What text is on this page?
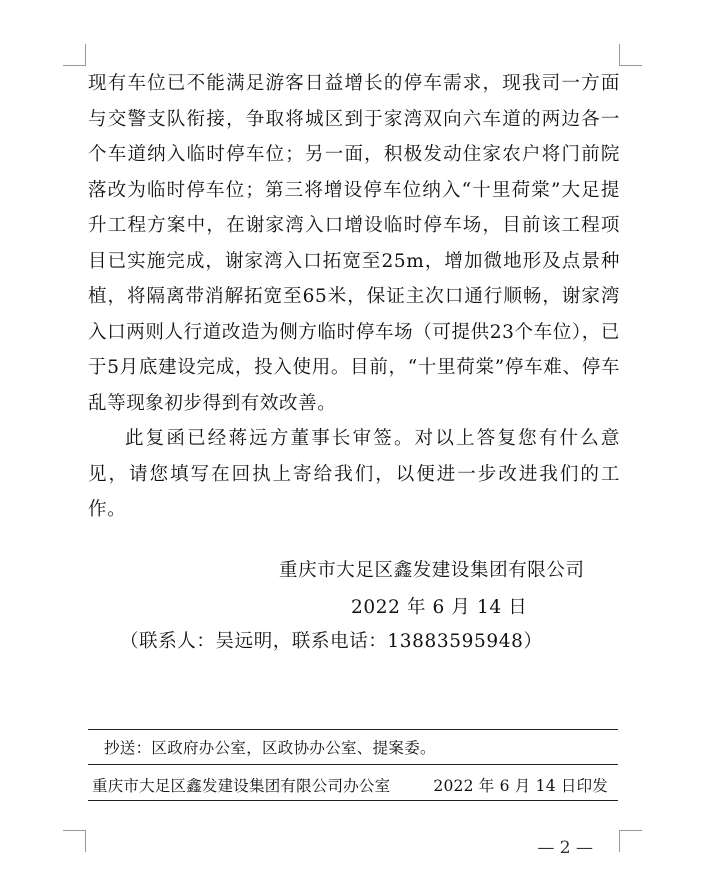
现有车位已不能满足游客日益增长的停车需求，现我司一方面与交警支队衔接，争取将城区到于家湾双向六车道的两边各一个车道纳入临时停车位；另一面，积极发动住家农户将门前院落改为临时停车位；第三将增设停车位纳入“十里荷棠”大足提升工程方案中，在谢家湾入口增设临时停车场，目前该工程项目已实施完成，谢家湾入口拓宽至25m，增加微地形及点景种植，将隔离带消解拓宽至65米，保证主次口通行顺畅，谢家湾入口两则人行道改造为侧方临时停车场（可提供23个车位），已于5月底建设完成，投入使用。目前，“十里荷棠”停车难、停车乱等现象初步得到有效改善。

此复函已经蒋远方董事长审签。对以上答复您有什么意见，请您填写在回执上寄给我们，以便进一步改进我们的工作。

重庆市大足区鑫发建设集团有限公司
2022 年 6 月 14 日
（联系人：吴远明，联系电话：13883595948）
抄送：区政府办公室，区政协办公室、提案委。
重庆市大足区鑫发建设集团有限公司办公室	2022 年 6 月 14 日印发
— 2 —
